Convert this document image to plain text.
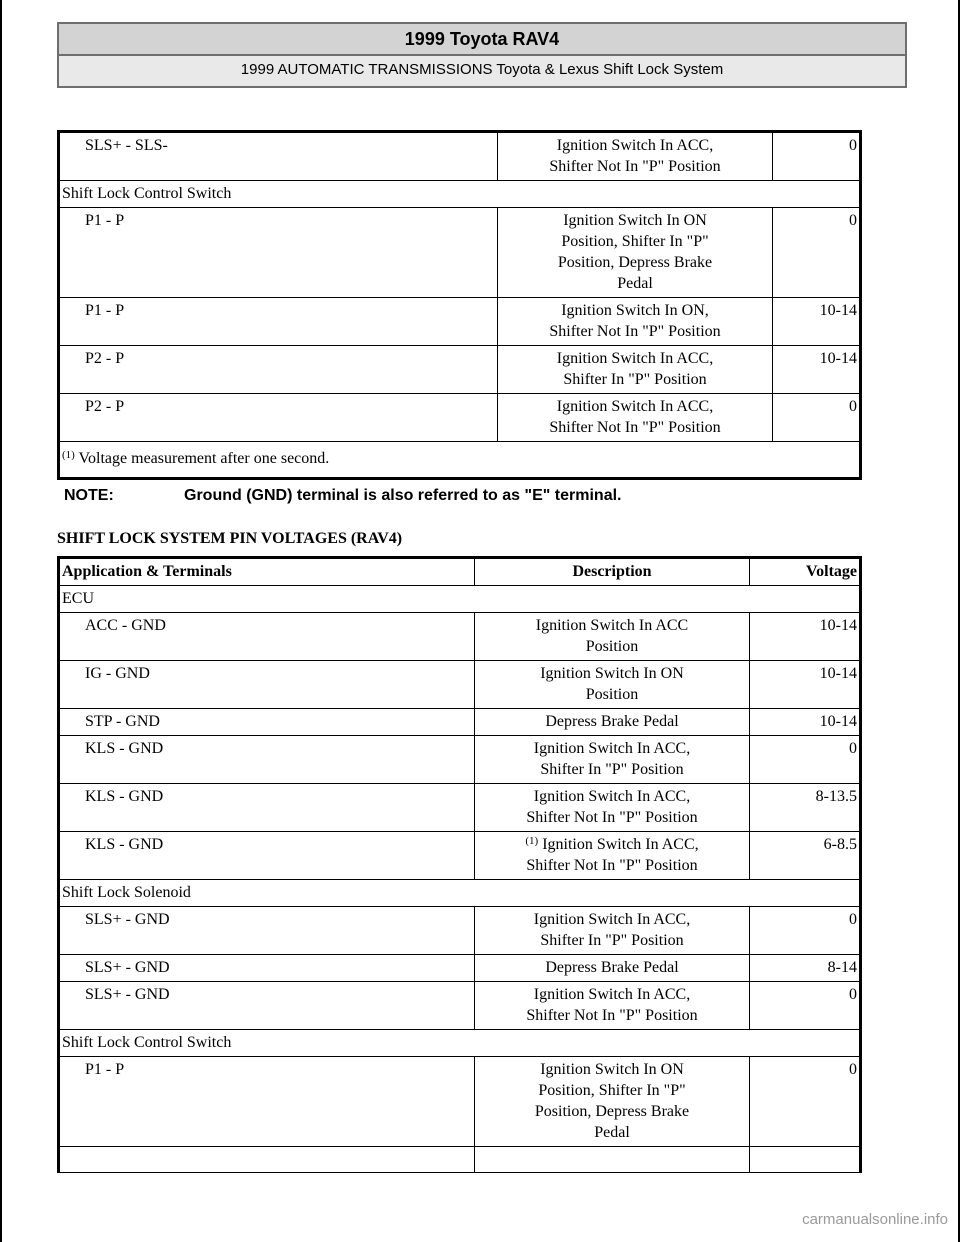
1999 Toyota RAV4
1999 AUTOMATIC TRANSMISSIONS Toyota & Lexus Shift Lock System
SLS+ - SLS-	Ignition Switch In ACC,
Shifter Not In "P" Position	0
Shift Lock Control Switch		
P1 - P	Ignition Switch In ON
Position, Shifter In "P"
Position, Depress Brake
Pedal	0
P1 - P	Ignition Switch In ON,
Shifter Not In "P" Position	10-14
P2 - P	Ignition Switch In ACC,
Shifter In "P" Position	10-14
P2 - P	Ignition Switch In ACC,
Shifter Not In "P" Position	0
$^{(1)}$ Voltage measurement after one second.		
NOTE:	Ground (GND) terminal is also referred to as "E" terminal.
SHIFT LOCK SYSTEM PIN VOLTAGES (RAV4)
Application & Terminals	Description	Voltage
ECU		
ACC - GND	Ignition Switch In ACC
Position	10-14
IG - GND	Ignition Switch In ON
Position	10-14
STP - GND	Depress Brake Pedal	10-14
KLS - GND	Ignition Switch In ACC,
Shifter In "P" Position	0
KLS - GND	Ignition Switch In ACC,
Shifter Not In "P" Position	8-13.5
KLS - GND	$^{(1)}$ Ignition Switch In ACC,
Shifter Not In "P" Position	6-8.5
Shift Lock Solenoid		
SLS+ - GND	Ignition Switch In ACC,
Shifter In "P" Position	0
SLS+ - GND	Depress Brake Pedal	8-14
SLS+ - GND	Ignition Switch In ACC,
Shifter Not In "P" Position	0
Shift Lock Control Switch		
P1 - P	Ignition Switch In ON
Position, Shifter In "P"
Position, Depress Brake
Pedal	0

carmanualsonline.info
